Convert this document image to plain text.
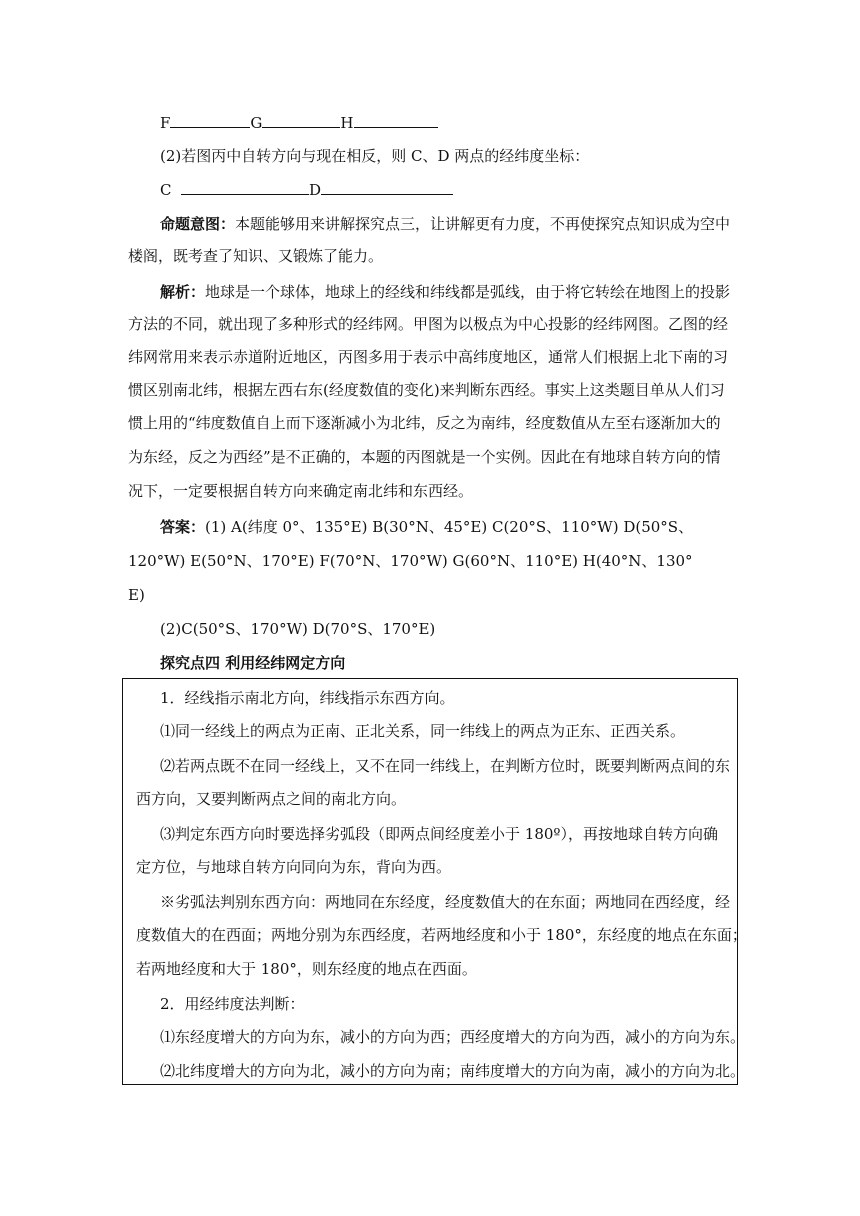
F	G	H
(2)若图丙中自转方向与现在相反，则 C、D 两点的经纬度坐标：
C	D
命题意图：本题能够用来讲解探究点三，让讲解更有力度，不再使探究点知识成为空中
楼阁，既考查了知识、又锻炼了能力。
解析：地球是一个球体，地球上的经线和纬线都是弧线，由于将它转绘在地图上的投影
方法的不同，就出现了多种形式的经纬网。甲图为以极点为中心投影的经纬网图。乙图的经
纬网常用来表示赤道附近地区，丙图多用于表示中高纬度地区，通常人们根据上北下南的习
惯区别南北纬，根据左西右东(经度数值的变化)来判断东西经。事实上这类题目单从人们习
惯上用的“纬度数值自上而下逐渐减小为北纬，反之为南纬，经度数值从左至右逐渐加大的
为东经，反之为西经”是不正确的，本题的丙图就是一个实例。因此在有地球自转方向的情
况下，一定要根据自转方向来确定南北纬和东西经。
答案：(1) A(纬度 0°、135°E) B(30°N、45°E) C(20°S、110°W) D(50°S、
120°W) E(50°N、170°E) F(70°N、170°W) G(60°N、110°E) H(40°N、130°
E)
(2)C(50°S、170°W) D(70°S、170°E)
探究点四 利用经纬网定方向
1．经线指示南北方向，纬线指示东西方向。
⑴同一经线上的两点为正南、正北关系，同一纬线上的两点为正东、正西关系。
⑵若两点既不在同一经线上，又不在同一纬线上，在判断方位时，既要判断两点间的东
西方向，又要判断两点之间的南北方向。
⑶判定东西方向时要选择劣弧段（即两点间经度差小于 180º），再按地球自转方向确
定方位，与地球自转方向同向为东，背向为西。
※劣弧法判别东西方向：两地同在东经度，经度数值大的在东面；两地同在西经度，经
度数值大的在西面；两地分别为东西经度，若两地经度和小于 180°，东经度的地点在东面；
若两地经度和大于 180°，则东经度的地点在西面。
2．用经纬度法判断：
⑴东经度增大的方向为东，减小的方向为西；西经度增大的方向为西，减小的方向为东。
⑵北纬度增大的方向为北，减小的方向为南；南纬度增大的方向为南，减小的方向为北。
